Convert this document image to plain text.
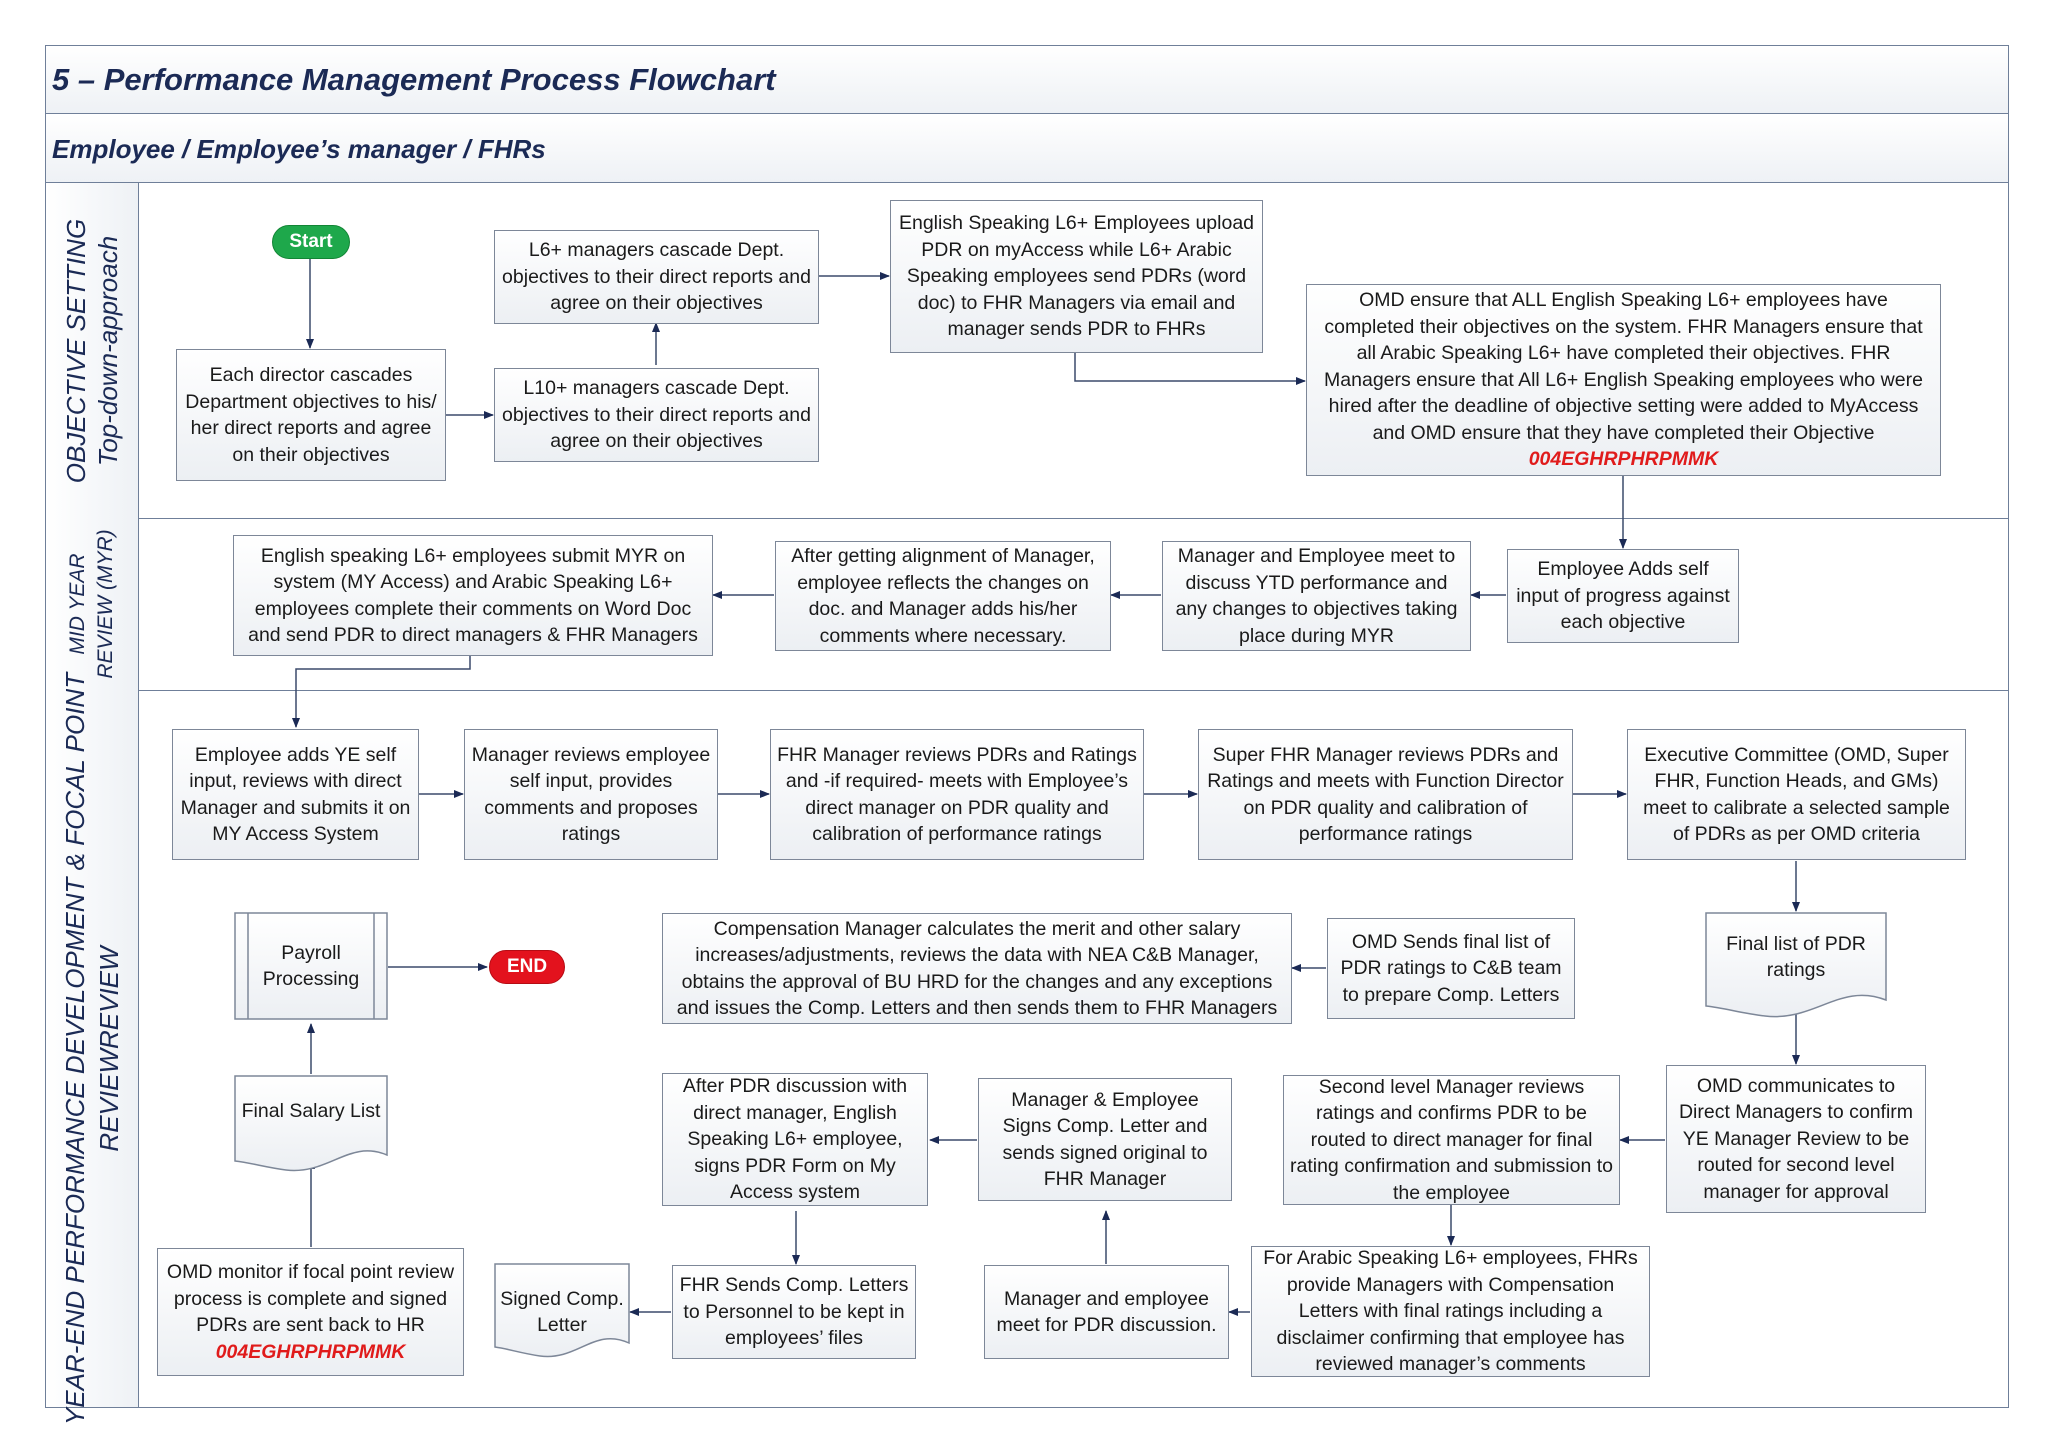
5 – Performance Management Process Flowchart
Employee / Employee’s manager / FHRs
OBJECTIVE SETTING Top-down-approach
MID YEAR REVIEW (MYR)
YEAR-END PERFORMANCE DEVELOPMENT & FOCAL POINT REVIEWREVIEW
Start
END
Each director cascades Department objectives to his/ her direct reports and agree on their objectives
L10+ managers cascade Dept. objectives to their direct reports and agree on their objectives
L6+ managers cascade Dept. objectives to their direct reports and agree on their objectives
English Speaking L6+ Employees upload PDR on myAccess while L6+ Arabic Speaking employees send PDRs (word doc) to FHR Managers via email and manager sends PDR to FHRs
OMD ensure that ALL English Speaking L6+ employees have completed their objectives on the system. FHR Managers ensure that all Arabic Speaking L6+ have completed their objectives. FHR Managers ensure that All L6+ English Speaking employees who were hired after the deadline of objective setting were added to MyAccess and OMD ensure that they have completed their Objective
004EGHRPHRPMMK
Employee Adds self input of progress against each objective
Manager and Employee meet to discuss YTD performance and any changes to objectives taking place during MYR
After getting alignment of Manager, employee reflects the changes on doc. and Manager adds his/her comments where necessary.
English speaking L6+ employees submit MYR on system (MY Access) and Arabic Speaking L6+ employees complete their comments on Word Doc and send PDR to direct managers & FHR Managers
Employee adds YE self input, reviews with direct Manager and submits it on MY Access System
Manager reviews employee self input, provides comments and proposes ratings
FHR Manager reviews PDRs and Ratings and -if required- meets with Employee’s direct manager on PDR quality and calibration of performance ratings
Super FHR Manager reviews PDRs and Ratings and meets with Function Director on PDR quality and calibration of performance ratings
Executive Committee (OMD, Super FHR, Function Heads, and GMs) meet to calibrate a selected sample of PDRs as per OMD criteria
Final list of PDR ratings
Final Salary List
Signed Comp. Letter
Payroll Processing
OMD communicates to Direct Managers to confirm YE Manager Review to be routed for second level manager for approval
Second level Manager reviews ratings and confirms PDR to be routed to direct manager for final rating confirmation and submission to the employee
OMD Sends final list of PDR ratings to C&B team to prepare Comp. Letters
Compensation Manager calculates the merit and other salary increases/adjustments, reviews the data with NEA C&B Manager, obtains the approval of BU HRD for the changes and any exceptions and issues the Comp. Letters and then sends them to FHR Managers
For Arabic Speaking L6+ employees, FHRs provide Managers with Compensation Letters with final ratings including a disclaimer confirming that employee has reviewed manager’s comments
Manager and employee meet for PDR discussion.
Manager & Employee Signs Comp. Letter and sends signed original to FHR Manager
After PDR discussion with direct manager, English Speaking L6+ employee, signs PDR Form on My Access system
FHR Sends Comp. Letters to Personnel to be kept in employees’ files
OMD monitor if focal point review process is complete and signed PDRs are sent back to HR
004EGHRPHRPMMK
